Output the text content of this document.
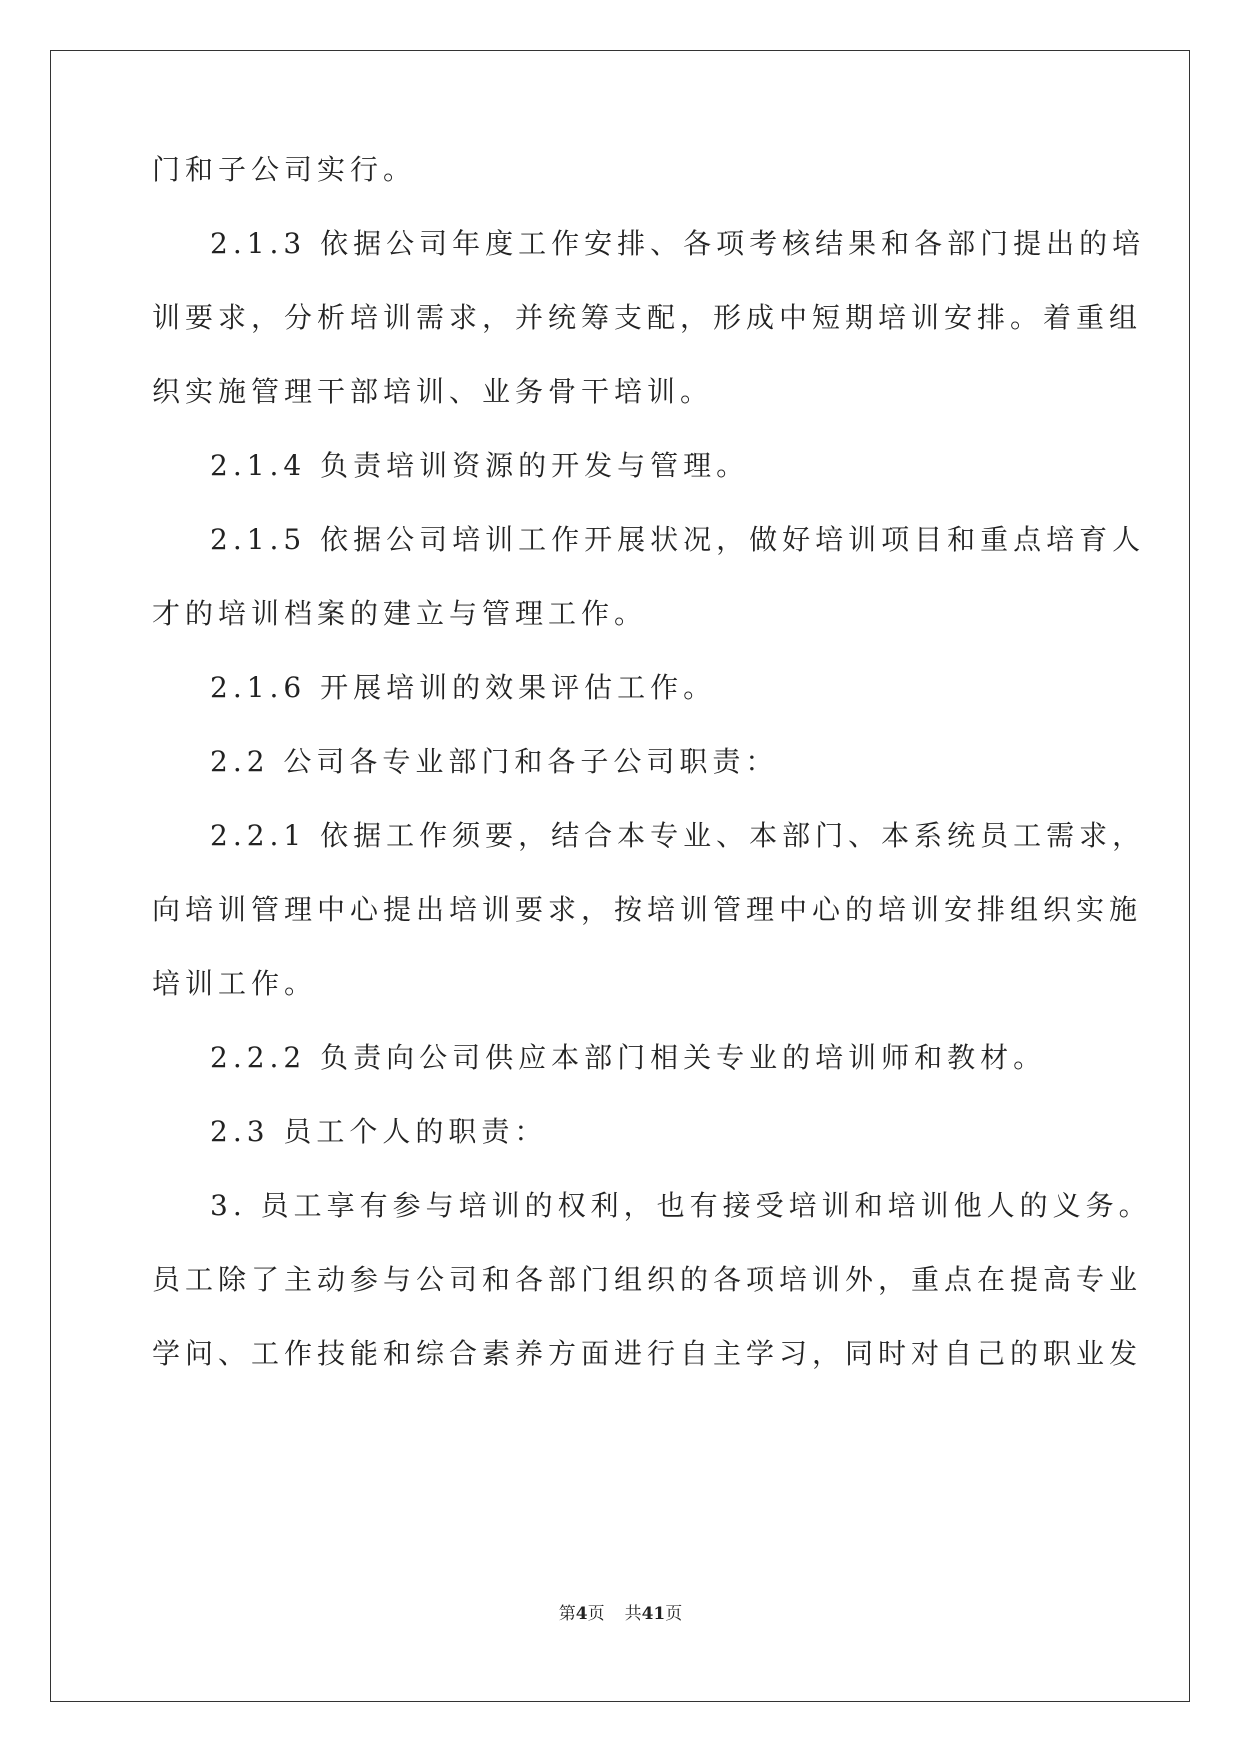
门和子公司实行。
2.1.3 依据公司年度工作安排、各项考核结果和各部门提出的培
训要求，分析培训需求，并统筹支配，形成中短期培训安排。着重组
织实施管理干部培训、业务骨干培训。
2.1.4 负责培训资源的开发与管理。
2.1.5 依据公司培训工作开展状况，做好培训项目和重点培育人
才的培训档案的建立与管理工作。
2.1.6 开展培训的效果评估工作。
2.2 公司各专业部门和各子公司职责：
2.2.1 依据工作须要，结合本专业、本部门、本系统员工需求，
向培训管理中心提出培训要求，按培训管理中心的培训安排组织实施
培训工作。
2.2.2 负责向公司供应本部门相关专业的培训师和教材。
2.3 员工个人的职责：
3. 员工享有参与培训的权利，也有接受培训和培训他人的义务。
员工除了主动参与公司和各部门组织的各项培训外，重点在提高专业
学问、工作技能和综合素养方面进行自主学习，同时对自己的职业发
第4页 共41页
